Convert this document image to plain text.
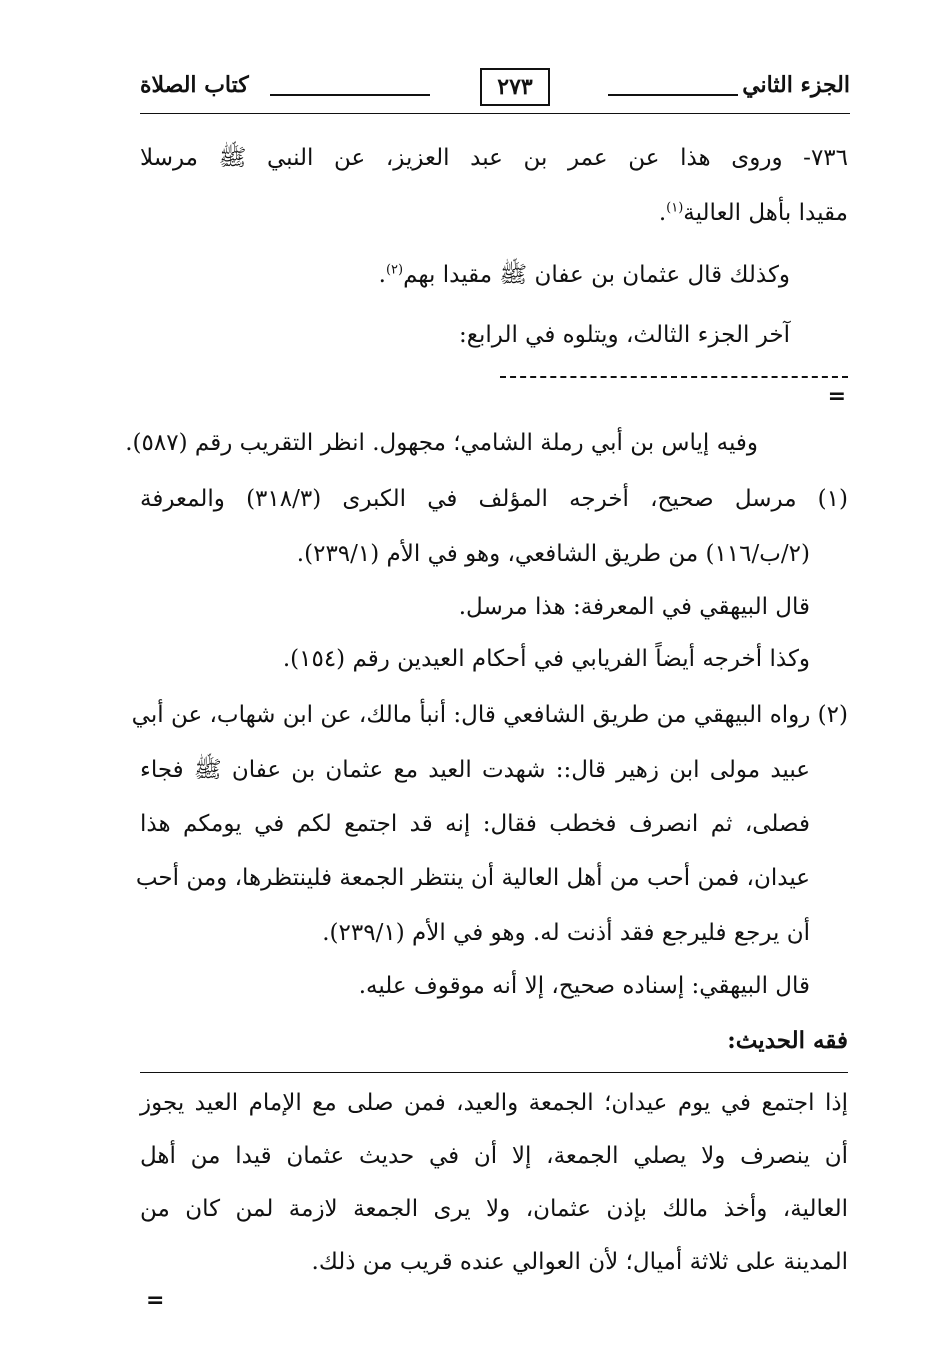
الجزء الثاني
٢٧٣
كتاب الصلاة
٧٣٦- وروى هذا عن عمر بن عبد العزيز، عن النبي ﷺ مرسلا
مقيدا بأهل العالية$^{(١)}$.
وكذلك قال عثمان بن عفان ﷺ مقيدا بهم$^{(٢)}$.
آخر الجزء الثالث، ويتلوه في الرابع:
=
وفيه إياس بن أبي رملة الشامي؛ مجهول. انظر التقريب رقم (٥٨٧).
(١) مرسل صحيح، أخرجه المؤلف في الكبرى (٣١٨/٣) والمعرفة
(٢/ب/١١٦) من طريق الشافعي، وهو في الأم (٢٣٩/١).
قال البيهقي في المعرفة: هذا مرسل.
وكذا أخرجه أيضاً الفريابي في أحكام العيدين رقم (١٥٤).
(٢) رواه البيهقي من طريق الشافعي قال: أنبأ مالك، عن ابن شهاب، عن أبي
عبيد مولى ابن زهير قال:: شهدت العيد مع عثمان بن عفان ﷺ فجاء
فصلى، ثم انصرف فخطب فقال: إنه قد اجتمع لكم في يومكم هذا
عيدان، فمن أحب من أهل العالية أن ينتظر الجمعة فلينتظرها، ومن أحب
أن يرجع فليرجع فقد أذنت له. وهو في الأم (٢٣٩/١).
قال البيهقي: إسناده صحيح، إلا أنه موقوف عليه.
فقه الحديث:
إذا اجتمع في يوم عيدان؛ الجمعة والعيد، فمن صلى مع الإمام العيد يجوز
أن ينصرف ولا يصلي الجمعة، إلا أن في حديث عثمان قيدا من أهل
العالية، وأخذ مالك بإذن عثمان، ولا يرى الجمعة لازمة لمن كان من
المدينة على ثلاثة أميال؛ لأن العوالي عنده قريب من ذلك.
=
